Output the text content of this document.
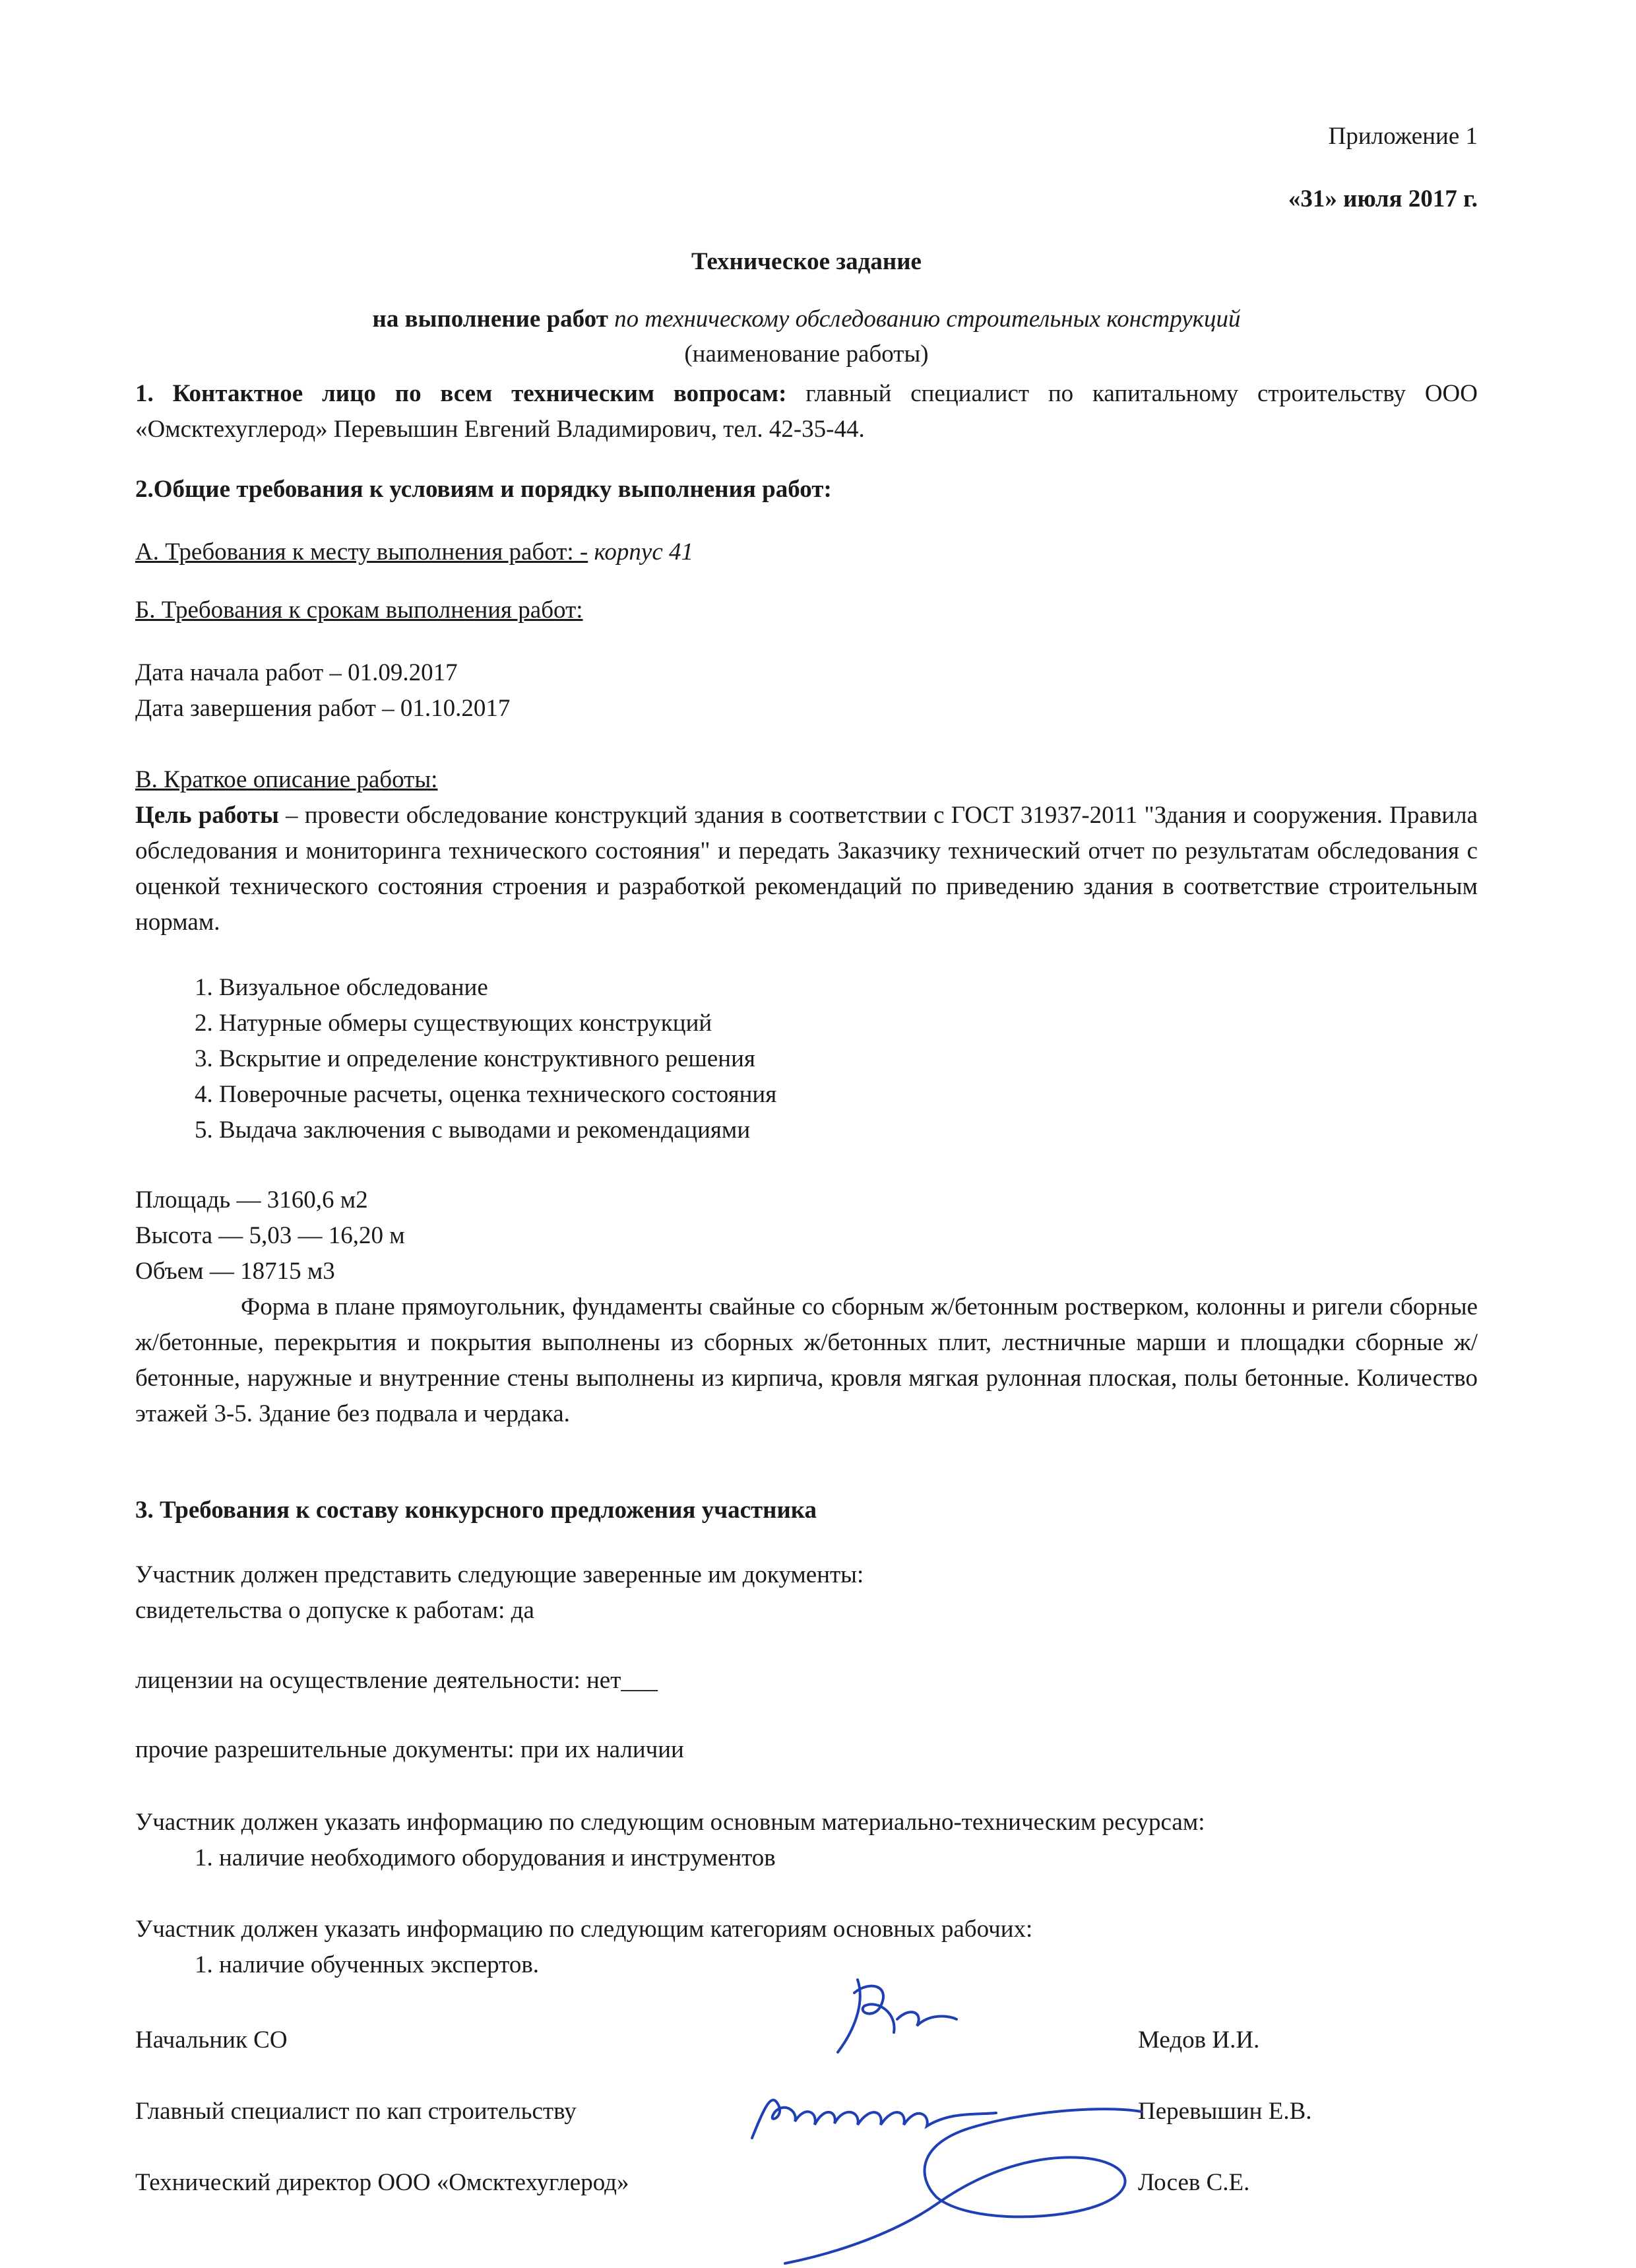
Приложение 1
«31» июля 2017 г.
Техническое задание
на выполнение работ по техническому обследованию строительных конструкций
(наименование работы)
1. Контактное лицо по всем техническим вопросам: главный специалист по капитальному строительству ООО «Омсктехуглерод» Перевышин Евгений Владимирович, тел. 42-35-44.
2.Общие требования к условиям и порядку выполнения работ:
А. Требования к месту выполнения работ: - корпус 41
Б. Требования к срокам выполнения работ:
Дата начала работ – 01.09.2017
Дата завершения работ – 01.10.2017
В. Краткое описание работы:
Цель работы – провести обследование конструкций здания в соответствии с ГОСТ 31937-2011 "Здания и сооружения. Правила обследования и мониторинга технического состояния" и передать Заказчику технический отчет по результатам обследования с оценкой технического состояния строения и разработкой рекомендаций по приведению здания в соответствие строительным нормам.
1. Визуальное обследование
2. Натурные обмеры существующих конструкций
3. Вскрытие и определение конструктивного решения
4. Поверочные расчеты, оценка технического состояния
5. Выдача заключения с выводами и рекомендациями
Площадь — 3160,6 м2
Высота — 5,03 — 16,20 м
Объем — 18715 м3
Форма в плане прямоугольник, фундаменты свайные со сборным ж/бетонным ростверком, колонны и ригели сборные ж/бетонные, перекрытия и покрытия выполнены из сборных ж/бетонных плит, лестничные марши и площадки сборные ж/бетонные, наружные и внутренние стены выполнены из кирпича, кровля мягкая рулонная плоская, полы бетонные. Количество этажей 3-5. Здание без подвала и чердака.
3. Требования к составу конкурсного предложения участника
Участник должен представить следующие заверенные им документы:
свидетельства о допуске к работам: да
лицензии на осуществление деятельности: нет___
прочие разрешительные документы: при их наличии
Участник должен указать информацию по следующим основным материально-техническим ресурсам:
1. наличие необходимого оборудования и инструментов
Участник должен указать информацию по следующим категориям основных рабочих:
1. наличие обученных экспертов.
Начальник СО	Медов И.И.
Главный специалист по кап строительству	Перевышин Е.В.
Технический директор ООО «Омсктехуглерод»	Лосев С.Е.
